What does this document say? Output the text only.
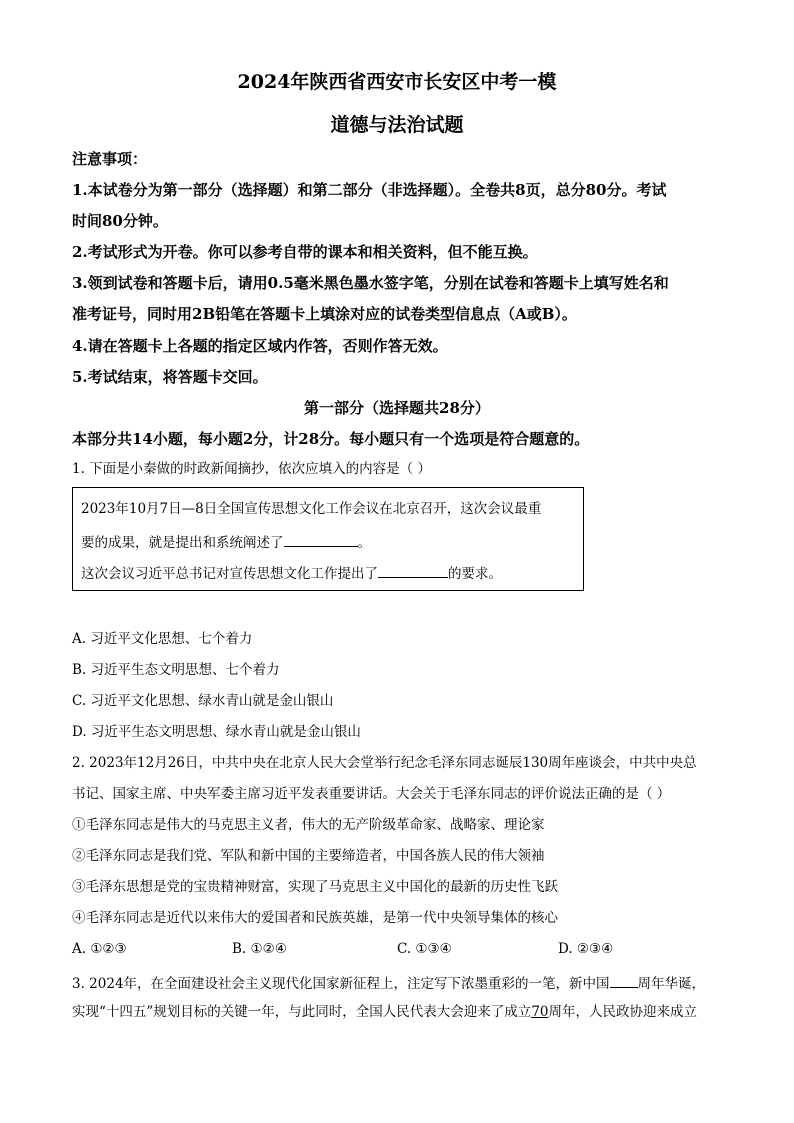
2024年陕西省西安市长安区中考一模
道德与法治试题
注意事项：
1.本试卷分为第一部分（选择题）和第二部分（非选择题）。全卷共8页，总分80分。考试
时间80分钟。
2.考试形式为开卷。你可以参考自带的课本和相关资料，但不能互换。
3.领到试卷和答题卡后，请用0.5毫米黑色墨水签字笔，分别在试卷和答题卡上填写姓名和
准考证号，同时用2B铅笔在答题卡上填涂对应的试卷类型信息点（A或B）。
4.请在答题卡上各题的指定区域内作答，否则作答无效。
5.考试结束，将答题卡交回。
第一部分（选择题共28分）
本部分共14小题，每小题2分，计28分。每小题只有一个选项是符合题意的。
1. 下面是小秦做的时政新闻摘抄，依次应填入的内容是（ ）
2023年10月7日—8日全国宣传思想文化工作会议在北京召开，这次会议最重
要的成果，就是提出和系统阐述了	。
这次会议习近平总书记对宣传思想文化工作提出了	的要求。
A. 习近平文化思想、七个着力
B. 习近平生态文明思想、七个着力
C. 习近平文化思想、绿水青山就是金山银山
D. 习近平生态文明思想、绿水青山就是金山银山
2. 2023年12月26日，中共中央在北京人民大会堂举行纪念毛泽东同志诞辰130周年座谈会，中共中央总
书记、国家主席、中央军委主席习近平发表重要讲话。大会关于毛泽东同志的评价说法正确的是（ ）
①毛泽东同志是伟大的马克思主义者，伟大的无产阶级革命家、战略家、理论家
②毛泽东同志是我们党、军队和新中国的主要缔造者，中国各族人民的伟大领袖
③毛泽东思想是党的宝贵精神财富，实现了马克思主义中国化的最新的历史性飞跃
④毛泽东同志是近代以来伟大的爱国者和民族英雄，是第一代中央领导集体的核心
A. ①②③	B. ①②④	C. ①③④	D. ②③④
3. 2024年，在全面建设社会主义现代化国家新征程上，注定写下浓墨重彩的一笔，新中国 周年华诞，
实现“十四五”规划目标的关键一年，与此同时，全国人民代表大会迎来了成立70周年，人民政协迎来成立
